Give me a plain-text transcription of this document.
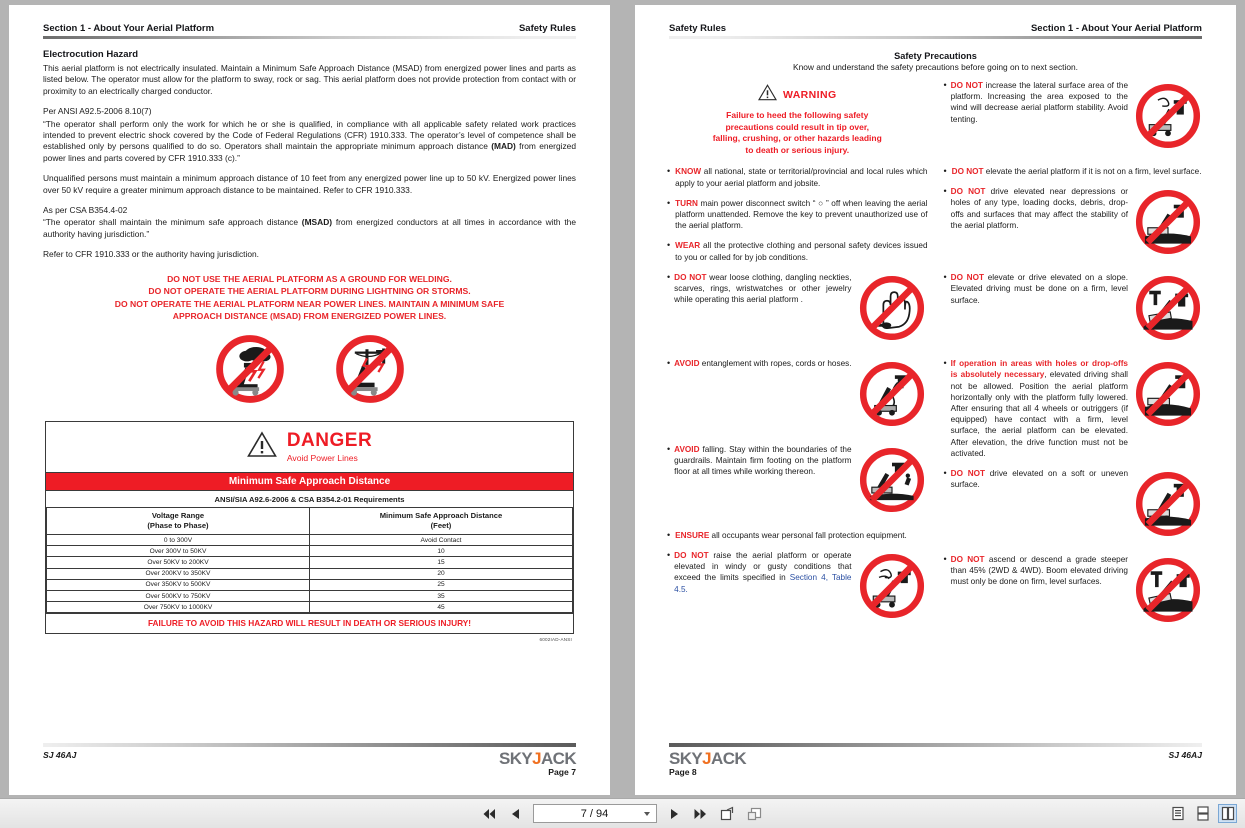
Section 1 - About Your Aerial Platform	Safety Rules
Electrocution Hazard

This aerial platform is not electrically insulated. Maintain a Minimum Safe Approach Distance (MSAD) from energized power lines and parts as listed below. The operator must allow for the platform to sway, rock or sag. This aerial platform does not provide protection from contact with or proximity to an electrically charged conductor.

Per ANSI A92.5-2006 8.10(7)

“The operator shall perform only the work for which he or she is qualified, in compliance with all applicable safety related work practices intended to prevent electric shock covered by the Code of Federal Regulations (CFR) 1910.333. The operator’s level of competence shall be established only by persons qualified to do so. Operators shall maintain the appropriate minimum approach distance (MAD) from energized power lines and parts covered by CFR 1910.333 (c).”

Unqualified persons must maintain a minimum approach distance of 10 feet from any energized power line up to 50 kV. Energized power lines over 50 kV require a greater minimum approach distance to be maintained. Refer to CFR 1910.333.

As per CSA B354.4-02

“The operator shall maintain the minimum safe approach distance (MSAD) from energized conductors at all times in accordance with the authority having jurisdiction.”

Refer to CFR 1910.333 or the authority having jurisdiction.

DO NOT USE THE AERIAL PLATFORM AS A GROUND FOR WELDING.
DO NOT OPERATE THE AERIAL PLATFORM DURING LIGHTNING OR STORMS.
DO NOT OPERATE THE AERIAL PLATFORM NEAR POWER LINES. MAINTAIN A MINIMUM SAFE
APPROACH DISTANCE (MSAD) FROM ENERGIZED POWER LINES.
DANGER
Avoid Power Lines
Minimum Safe Approach Distance
ANSI/SIA A92.6-2006 & CSA B354.2-01 Requirements
Voltage Range
(Phase to Phase)

Minimum Safe Approach Distance
(Feet)

0 to 300V	Avoid Contact
Over 300V to 50KV	10
Over 50KV to 200KV	15
Over 200KV to 350KV	20
Over 350KV to 500KV	25
Over 500KV to 750KV	35
Over 750KV to 1000KV	45
FAILURE TO AVOID THIS HAZARD WILL RESULT IN DEATH OR SERIOUS INJURY!
6002IAD-ANSI
SJ 46AJ	SKYJACK
Page 7
Safety Rules	Section 1 - About Your Aerial Platform
Safety Precautions
Know and understand the safety precautions before going on to next section.
WARNING
Failure to heed the following safety
precautions could result in tip over,
falling, crushing, or other hazards leading
to death or serious injury.
• KNOW all national, state or territorial/provincial and local rules which apply to your aerial platform and jobsite.
• TURN main power disconnect switch “ ○ ” off when leaving the aerial platform unattended. Remove the key to prevent unauthorized use of the aerial platform.
• WEAR all the protective clothing and personal safety devices issued to you or called for by job conditions.
• DO NOT wear loose clothing, dangling neckties, scarves, rings, wristwatches or other jewelry while operating this aerial platform .
• AVOID entanglement with ropes, cords or hoses.
• AVOID falling. Stay within the boundaries of the guardrails. Maintain firm footing on the platform floor at all times while working thereon.
• ENSURE all occupants wear personal fall protection equipment.
• DO NOT raise the aerial platform or operate elevated in windy or gusty conditions that exceed the limits specified in Section 4, Table 4.5.
• DO NOT increase the lateral surface area of the platform. Increasing the area exposed to the wind will decrease aerial platform stability. Avoid tenting.
• DO NOT elevate the aerial platform if it is not on a firm, level surface.
• DO NOT drive elevated near depressions or holes of any type, loading docks, debris, drop-offs and surfaces that may affect the stability of the aerial platform.
• DO NOT elevate or drive elevated on a slope. Elevated driving must be done on a firm, level surface.
• If operation in areas with holes or drop-offs is absolutely necessary, elevated driving shall not be allowed. Position the aerial platform horizontally only with the platform fully lowered. After ensuring that all 4 wheels or outriggers (if equipped) have contact with a firm, level surface, the aerial platform can be elevated. After elevation, the drive function must not be activated.
• DO NOT drive elevated on a soft or uneven surface.
• DO NOT ascend or descend a grade steeper than 45% (2WD & 4WD). Boom elevated driving must only be done on firm, level surfaces.
SKYJACK
Page 8
SJ 46AJ
7 / 94
